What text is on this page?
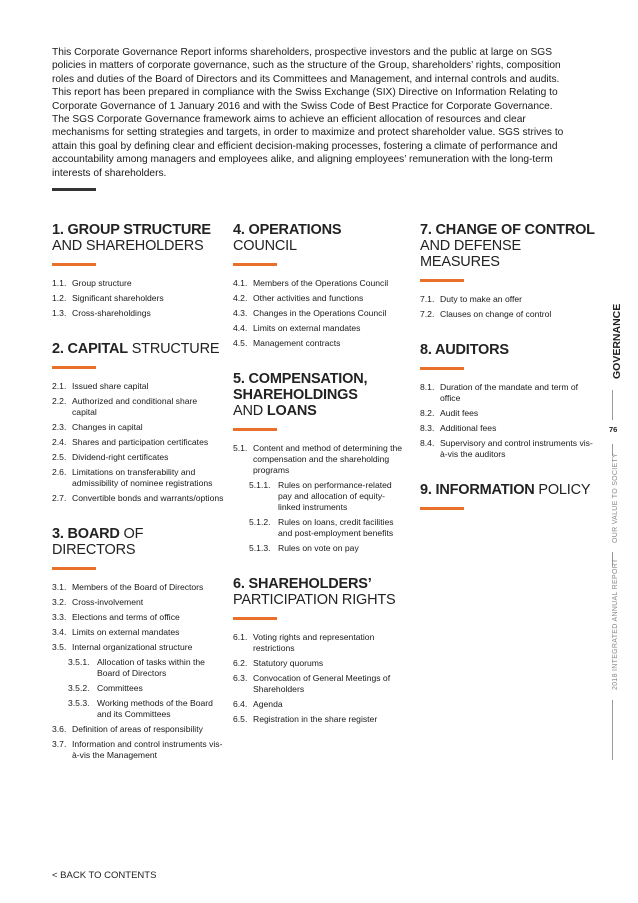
This Corporate Governance Report informs shareholders, prospective investors and the public at large on SGS policies in matters of corporate governance, such as the structure of the Group, shareholders’ rights, composition roles and duties of the Board of Directors and its Committees and Management, and internal controls and audits. This report has been prepared in compliance with the Swiss Exchange (SIX) Directive on Information Relating to Corporate Governance of 1 January 2016 and with the Swiss Code of Best Practice for Corporate Governance. The SGS Corporate Governance framework aims to achieve an efficient allocation of resources and clear mechanisms for setting strategies and targets, in order to maximize and protect shareholder value. SGS strives to attain this goal by defining clear and efficient decision-making processes, fostering a climate of performance and accountability among managers and employees alike, and aligning employees’ remuneration with the long-term interests of shareholders.

1. GROUP STRUCTURE
AND SHAREHOLDERS
1.1. Group structure
1.2. Significant shareholders
1.3. Cross-shareholdings
2. CAPITAL STRUCTURE
2.1. Issued share capital
2.2. Authorized and conditional share capital
2.3. Changes in capital
2.4. Shares and participation certificates
2.5. Dividend-right certificates
2.6. Limitations on transferability and admissibility of nominee registrations
2.7. Convertible bonds and warrants/options
3. BOARD OF DIRECTORS
3.1. Members of the Board of Directors
3.2. Cross-involvement
3.3. Elections and terms of office
3.4. Limits on external mandates
3.5. Internal organizational structure
3.5.1. Allocation of tasks within the Board of Directors
3.5.2. Committees
3.5.3. Working methods of the Board and its Committees
3.6. Definition of areas of responsibility
3.7. Information and control instruments vis-à-vis the Management
4. OPERATIONS COUNCIL
4.1. Members of the Operations Council
4.2. Other activities and functions
4.3. Changes in the Operations Council
4.4. Limits on external mandates
4.5. Management contracts
5. COMPENSATION,
SHAREHOLDINGS
AND LOANS
5.1. Content and method of determining the compensation and the shareholding programs
5.1.1. Rules on performance-related pay and allocation of equity-linked instruments
5.1.2. Rules on loans, credit facilities and post-employment benefits
5.1.3. Rules on vote on pay
6. SHAREHOLDERS’
PARTICIPATION RIGHTS
6.1. Voting rights and representation restrictions
6.2. Statutory quorums
6.3. Convocation of General Meetings of Shareholders
6.4. Agenda
6.5. Registration in the share register
7. CHANGE OF CONTROL
AND DEFENSE MEASURES
7.1. Duty to make an offer
7.2. Clauses on change of control
8. AUDITORS
8.1. Duration of the mandate and term of office
8.2. Audit fees
8.3. Additional fees
8.4. Supervisory and control instruments vis-à-vis the auditors
9. INFORMATION POLICY
GOVERNANCE
76
OUR VALUE TO SOCIETY
2018 INTEGRATED ANNUAL REPORT
< BACK TO CONTENTS
